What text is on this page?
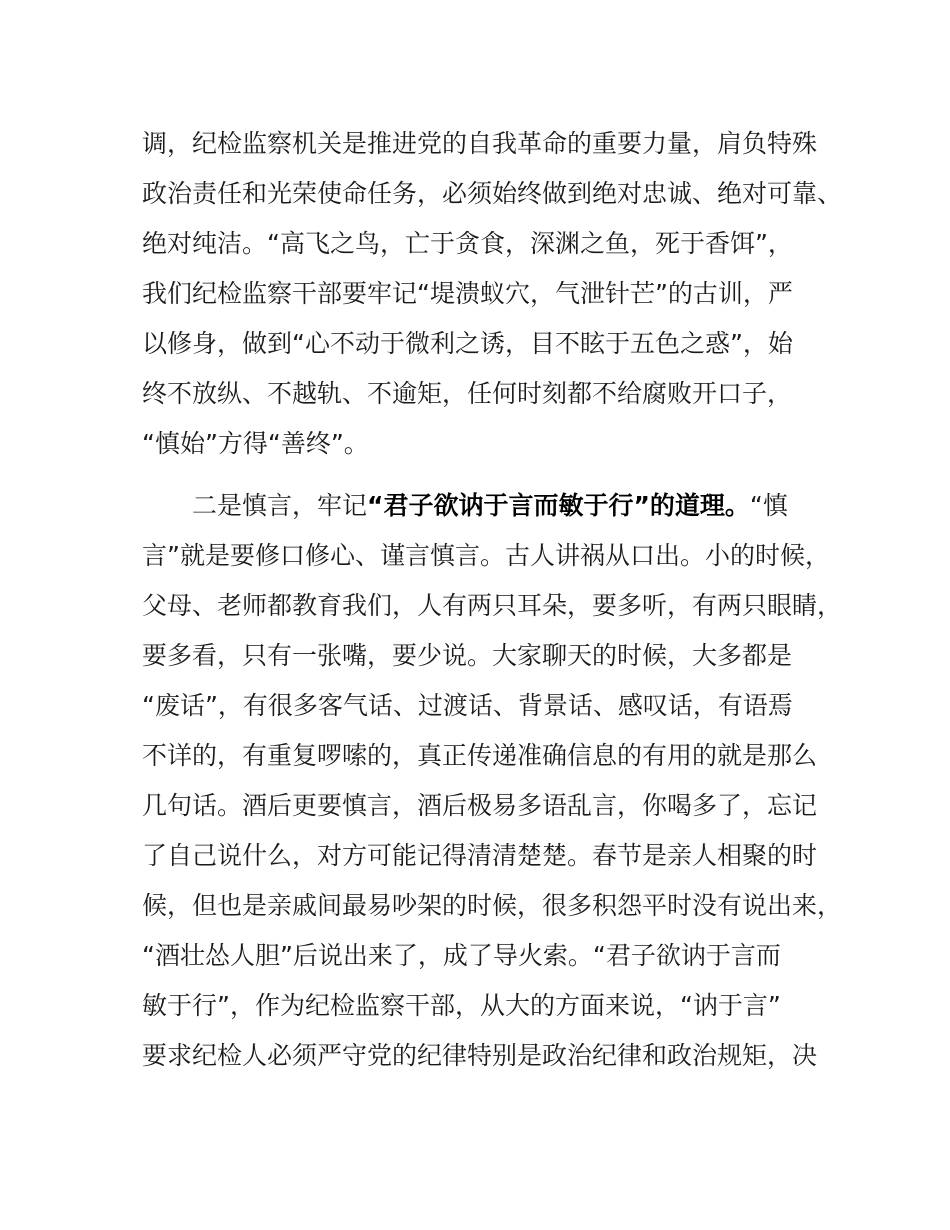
调，纪检监察机关是推进党的自我革命的重要力量，肩负特殊
政治责任和光荣使命任务，必须始终做到绝对忠诚、绝对可靠、
绝对纯洁。“高飞之鸟，亡于贪食，深渊之鱼，死于香饵”，
我们纪检监察干部要牢记“堤溃蚁穴，气泄针芒”的古训，严
以修身，做到“心不动于微利之诱，目不眩于五色之惑”，始
终不放纵、不越轨、不逾矩，任何时刻都不给腐败开口子，
“慎始”方得“善终”。
二是慎言，牢记“君子欲讷于言而敏于行”的道理。“慎
言”就是要修口修心、谨言慎言。古人讲祸从口出。小的时候，
父母、老师都教育我们，人有两只耳朵，要多听，有两只眼睛，
要多看，只有一张嘴，要少说。大家聊天的时候，大多都是
“废话”，有很多客气话、过渡话、背景话、感叹话，有语焉
不详的，有重复啰嗦的，真正传递准确信息的有用的就是那么
几句话。酒后更要慎言，酒后极易多语乱言，你喝多了，忘记
了自己说什么，对方可能记得清清楚楚。春节是亲人相聚的时
候，但也是亲戚间最易吵架的时候，很多积怨平时没有说出来，
“酒壮怂人胆”后说出来了，成了导火索。“君子欲讷于言而
敏于行”，作为纪检监察干部，从大的方面来说，“讷于言”
要求纪检人必须严守党的纪律特别是政治纪律和政治规矩，决
